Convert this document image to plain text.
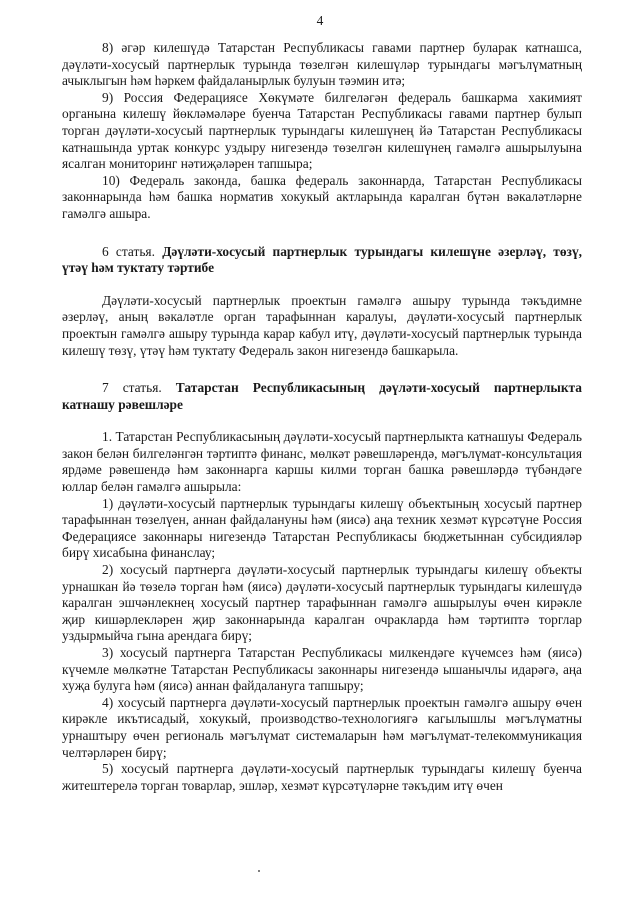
4

8) әгәр килешүдә Татарстан Республикасы гавами партнер буларак катнашса, дәүләти-хосусый партнерлык турында төзелгән килешүләр турындагы мәгълүматның ачыклыгын һәм һәркем файдаланырлык булуын тәэмин итә;

9) Россия Федерациясе Хөкүмәте билгеләгән федераль башкарма хакимият органына килешү йөкләмәләре буенча Татарстан Республикасы гавами партнер булып торган дәүләти-хосусый партнерлык турындагы килешүнең йә Татарстан Республикасы катнашында уртак конкурс уздыру нигезендә төзелгән килешүнең гамәлгә ашырылуына ясалган мониторинг нәтиҗәләрен тапшыра;

10) Федераль законда, башка федераль законнарда, Татарстан Республикасы законнарында һәм башка норматив хокукый актларында каралган бүтән вәкаләтләрне гамәлгә ашыра.

6 статья. Дәүләти-хосусый партнерлык турындагы килешүне әзерләү, төзү, үтәү һәм туктату тәртибе

Дәүләти-хосусый партнерлык проектын гамәлгә ашыру турында тәкъдимне әзерләү, аның вәкаләтле орган тарафыннан каралуы, дәүләти-хосусый партнерлык проектын гамәлгә ашыру турында карар кабул итү, дәүләти-хосусый партнерлык турында килешү төзү, үтәү һәм туктату Федераль закон нигезендә башкарыла.

7 статья. Татарстан Республикасының дәүләти-хосусый партнерлыкта катнашу рәвешләре

1. Татарстан Республикасының дәүләти-хосусый партнерлыкта катнашуы Федераль закон белән билгеләнгән тәртиптә финанс, мөлкәт рәвешләрендә, мәгълүмат-консультация ярдәме рәвешендә һәм законнарга каршы килми торган башка рәвешләрдә түбәндәге юллар белән гамәлгә ашырыла:

1) дәүләти-хосусый партнерлык турындагы килешү объектының хосусый партнер тарафыннан төзелүен, аннан файдалануны һәм (яисә) аңа техник хезмәт күрсәтүне Россия Федерациясе законнары нигезендә Татарстан Республикасы бюджетыннан субсидияләр бирү хисабына финанслау;

2) хосусый партнерга дәүләти-хосусый партнерлык турындагы килешү объекты урнашкан йә төзелә торган һәм (яисә) дәүләти-хосусый партнерлык турындагы килешүдә каралган эшчәнлекнең хосусый партнер тарафыннан гамәлгә ашырылуы өчен кирәкле җир кишәрлекләрен җир законнарында каралган очракларда һәм тәртиптә торглар уздырмыйча гына арендага бирү;

3) хосусый партнерга Татарстан Республикасы милкендәге күчемсез һәм (яисә) күчемле мөлкәтне Татарстан Республикасы законнары нигезендә ышанычлы идарәгә, аңа хуҗа булуга һәм (яисә) аннан файдалануга тапшыру;

4) хосусый партнерга дәүләти-хосусый партнерлык проектын гамәлгә ашыру өчен кирәкле икътисадый, хокукый, производство-технологиягә кагылышлы мәгълүматны урнаштыру өчен региональ мәгълүмат системаларын һәм мәгълүмат-телекоммуникация челтәрләрен бирү;

5) хосусый партнерга дәүләти-хосусый партнерлык турындагы килешү буенча житештерелә торган товарлар, эшләр, хезмәт күрсәтүләрне тәкъдим итү өчен
